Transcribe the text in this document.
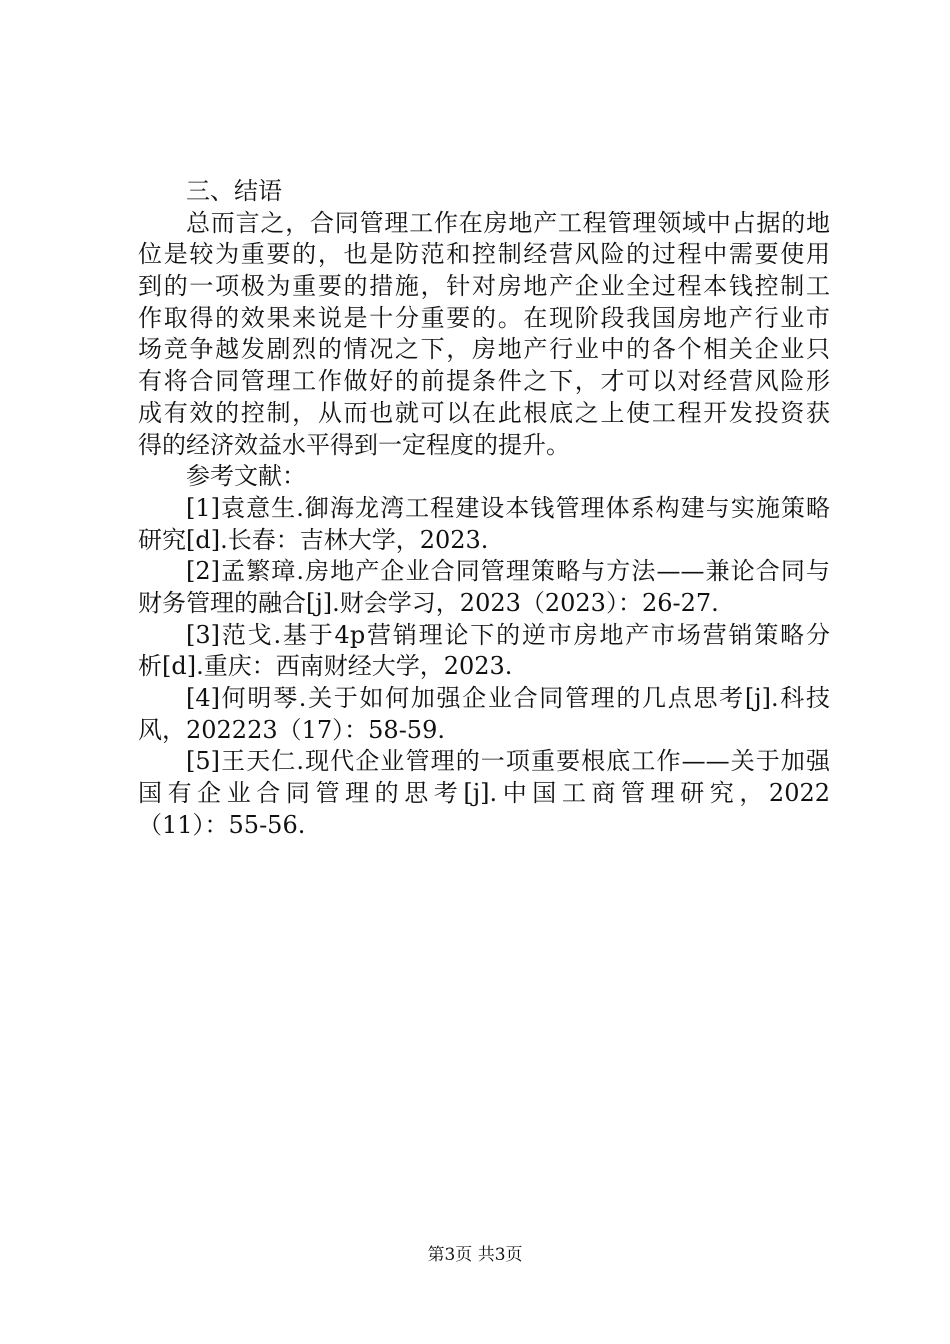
三、结语
总而言之，合同管理工作在房地产工程管理领域中占据的地
位是较为重要的，也是防范和控制经营风险的过程中需要使用
到的一项极为重要的措施，针对房地产企业全过程本钱控制工
作取得的效果来说是十分重要的。在现阶段我国房地产行业市
场竞争越发剧烈的情况之下，房地产行业中的各个相关企业只
有将合同管理工作做好的前提条件之下，才可以对经营风险形
成有效的控制，从而也就可以在此根底之上使工程开发投资获
得的经济效益水平得到一定程度的提升。
参考文献：
[1]袁意生.御海龙湾工程建设本钱管理体系构建与实施策略
研究[d].长春：吉林大学，2023.
[2]孟繁璋.房地产企业合同管理策略与方法——兼论合同与
财务管理的融合[j].财会学习，2023（2023）：26-27.
[3]范戈.基于4p营销理论下的逆市房地产市场营销策略分
析[d].重庆：西南财经大学，2023.
[4]何明琴.关于如何加强企业合同管理的几点思考[j].科技
风，202223（17）：58-59.
[5]王天仁.现代企业管理的一项重要根底工作——关于加强
国有企业合同管理的思考[j].中国工商管理研究，2022
（11）：55-56.
第3页 共3页
